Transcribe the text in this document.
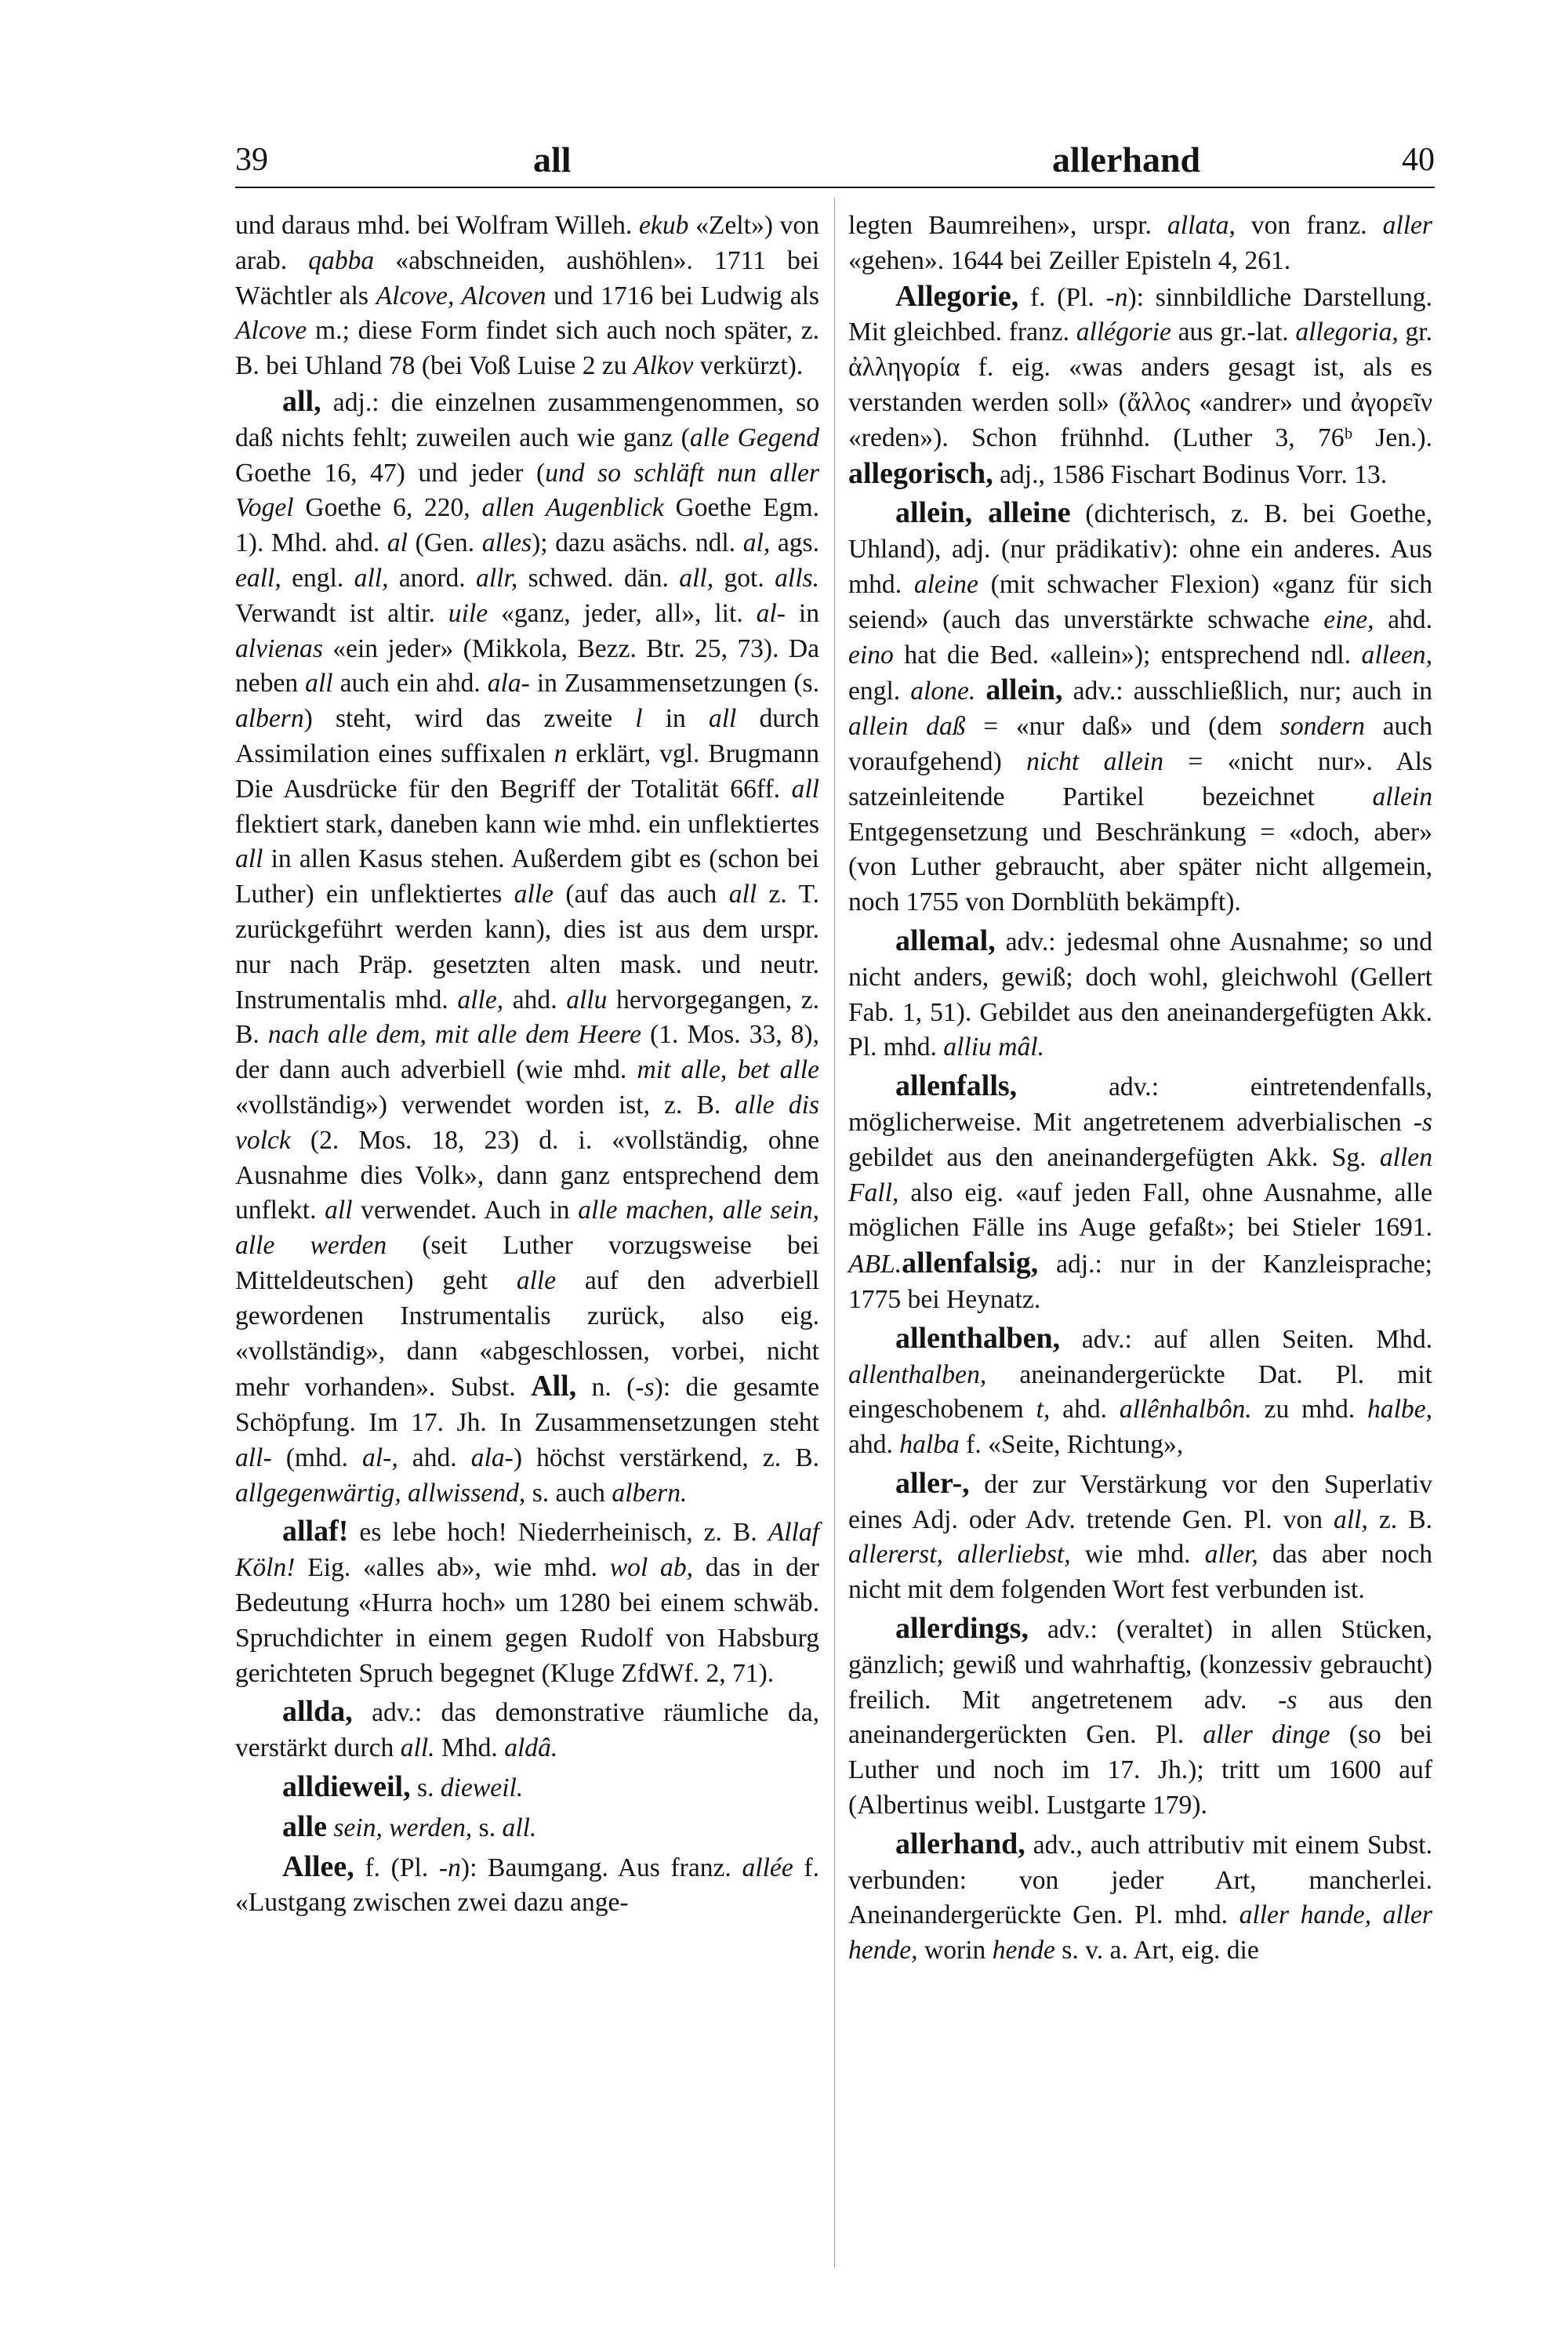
39	all	allerhand	40

und daraus mhd. bei Wolfram Willeh. ekub «Zelt») von arab. qabba «abschneiden, aushöhlen». 1711 bei Wächtler als Alcove, Alcoven und 1716 bei Ludwig als Alcove m.; diese Form findet sich auch noch später, z. B. bei Uhland 78 (bei Voß Luise 2 zu Alkov verkürzt).

all, adj.: die einzelnen zusammengenommen, so daß nichts fehlt; zuweilen auch wie ganz (alle Gegend Goethe 16, 47) und jeder (und so schläft nun aller Vogel Goethe 6, 220, allen Augenblick Goethe Egm. 1). Mhd. ahd. al (Gen. alles); dazu asächs. ndl. al, ags. eall, engl. all, anord. allr, schwed. dän. all, got. alls. Verwandt ist altir. uile «ganz, jeder, all», lit. al- in alvienas «ein jeder» (Mikkola, Bezz. Btr. 25, 73). Da neben all auch ein ahd. ala- in Zusammensetzungen (s. albern) steht, wird das zweite l in all durch Assimilation eines suffixalen n erklärt, vgl. Brugmann Die Ausdrücke für den Begriff der Totalität 66ff. all flektiert stark, daneben kann wie mhd. ein unflektiertes all in allen Kasus stehen. Außerdem gibt es (schon bei Luther) ein unflektiertes alle (auf das auch all z. T. zurückgeführt werden kann), dies ist aus dem urspr. nur nach Präp. gesetzten alten mask. und neutr. Instrumentalis mhd. alle, ahd. allu hervorgegangen, z. B. nach alle dem, mit alle dem Heere (1. Mos. 33, 8), der dann auch adverbiell (wie mhd. mit alle, bet alle «vollständig») verwendet worden ist, z. B. alle dis volck (2. Mos. 18, 23) d. i. «vollständig, ohne Ausnahme dies Volk», dann ganz entsprechend dem unflekt. all verwendet. Auch in alle machen, alle sein, alle werden (seit Luther vorzugsweise bei Mitteldeutschen) geht alle auf den adverbiell gewordenen Instrumentalis zurück, also eig. «vollständig», dann «abgeschlossen, vorbei, nicht mehr vorhanden». Subst. All, n. (-s): die gesamte Schöpfung. Im 17. Jh. In Zusammensetzungen steht all- (mhd. al-, ahd. ala-) höchst verstärkend, z. B. allgegenwärtig, allwissend, s. auch albern.

allaf! es lebe hoch! Niederrheinisch, z. B. Allaf Köln! Eig. «alles ab», wie mhd. wol ab, das in der Bedeutung «Hurra hoch» um 1280 bei einem schwäb. Spruchdichter in einem gegen Rudolf von Habsburg gerichteten Spruch begegnet (Kluge ZfdWf. 2, 71).

allda, adv.: das demonstrative räumliche da, verstärkt durch all. Mhd. aldâ.

alldieweil, s. dieweil.

alle sein, werden, s. all.

Allee, f. (Pl. -n): Baumgang. Aus franz. allée f. «Lustgang zwischen zwei dazu ange-

legten Baumreihen», urspr. allata, von franz. aller «gehen». 1644 bei Zeiller Episteln 4, 261.

Allegorie, f. (Pl. -n): sinnbildliche Darstellung. Mit gleichbed. franz. allégorie aus gr.-lat. allegoria, gr. ἀλληγορία f. eig. «was anders gesagt ist, als es verstanden werden soll» (ἄλλος «andrer» und ἀγορεῖν «reden»). Schon frühnhd. (Luther 3, 76ᵇ Jen.). allegorisch, adj., 1586 Fischart Bodinus Vorr. 13.

allein, alleine (dichterisch, z. B. bei Goethe, Uhland), adj. (nur prädikativ): ohne ein anderes. Aus mhd. aleine (mit schwacher Flexion) «ganz für sich seiend» (auch das unverstärkte schwache eine, ahd. eino hat die Bed. «allein»); entsprechend ndl. alleen, engl. alone. allein, adv.: ausschließlich, nur; auch in allein daß = «nur daß» und (dem sondern auch voraufgehend) nicht allein = «nicht nur». Als satzeinleitende Partikel bezeichnet allein Entgegensetzung und Beschränkung = «doch, aber» (von Luther gebraucht, aber später nicht allgemein, noch 1755 von Dornblüth bekämpft).

allemal, adv.: jedesmal ohne Ausnahme; so und nicht anders, gewiß; doch wohl, gleichwohl (Gellert Fab. 1, 51). Gebildet aus den aneinandergefügten Akk. Pl. mhd. alliu mâl.

allenfalls, adv.: eintretendenfalls, möglicherweise. Mit angetretenem adverbialischen -s gebildet aus den aneinandergefügten Akk. Sg. allen Fall, also eig. «auf jeden Fall, ohne Ausnahme, alle möglichen Fälle ins Auge gefaßt»; bei Stieler 1691. ABL.allenfalsig, adj.: nur in der Kanzleisprache; 1775 bei Heynatz.

allenthalben, adv.: auf allen Seiten. Mhd. allenthalben, aneinandergerückte Dat. Pl. mit eingeschobenem t, ahd. allênhalbôn. zu mhd. halbe, ahd. halba f. «Seite, Richtung»,

aller-, der zur Verstärkung vor den Superlativ eines Adj. oder Adv. tretende Gen. Pl. von all, z. B. allererst, allerliebst, wie mhd. aller, das aber noch nicht mit dem folgenden Wort fest verbunden ist.

allerdings, adv.: (veraltet) in allen Stücken, gänzlich; gewiß und wahrhaftig, (konzessiv gebraucht) freilich. Mit angetretenem adv. -s aus den aneinandergerückten Gen. Pl. aller dinge (so bei Luther und noch im 17. Jh.); tritt um 1600 auf (Albertinus weibl. Lustgarte 179).

allerhand, adv., auch attributiv mit einem Subst. verbunden: von jeder Art, mancherlei. Aneinandergerückte Gen. Pl. mhd. aller hande, aller hende, worin hende s. v. a. Art, eig. die
